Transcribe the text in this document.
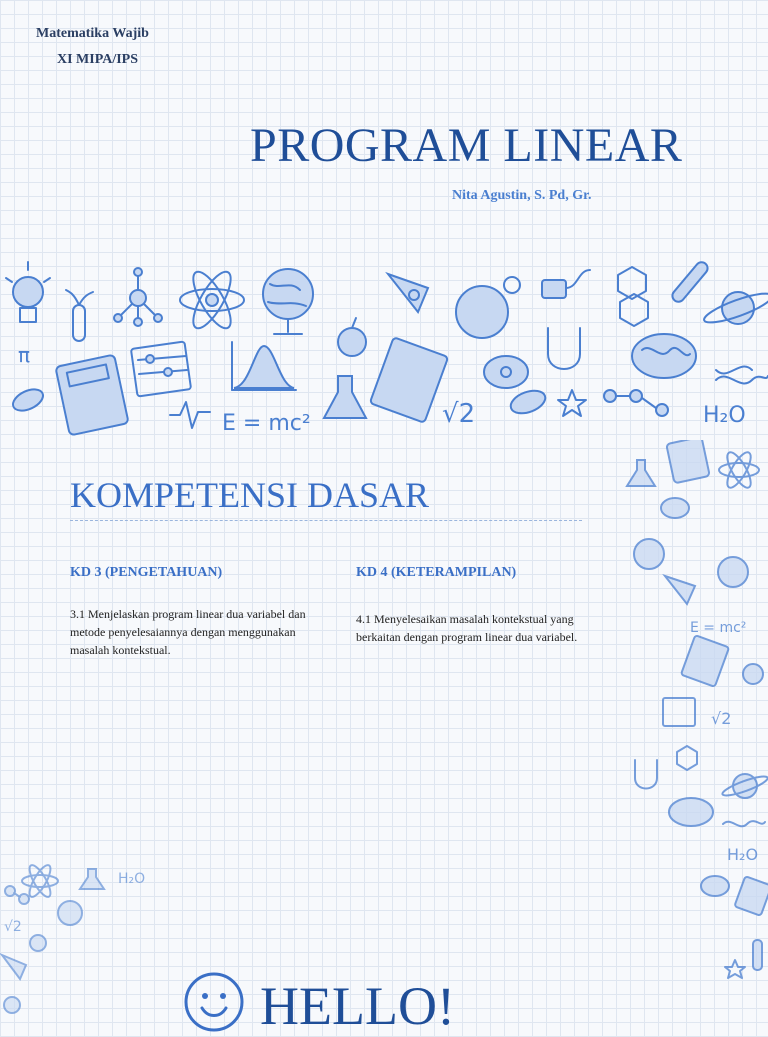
Matematika Wajib
XI MIPA/IPS
PROGRAM LINEAR
Nita Agustin, S. Pd, Gr.
π
E = mc²	√2	H₂O
E = mc²
√2
H₂O
H₂O
√2
KOMPETENSI DASAR
KD 3 (PENGETAHUAN)
3.1 Menjelaskan program linear dua variabel dan metode penyelesaiannya dengan menggunakan masalah kontekstual.
KD 4 (KETERAMPILAN)
4.1 Menyelesaikan masalah kontekstual yang berkaitan dengan program linear dua variabel.
HELLO!
